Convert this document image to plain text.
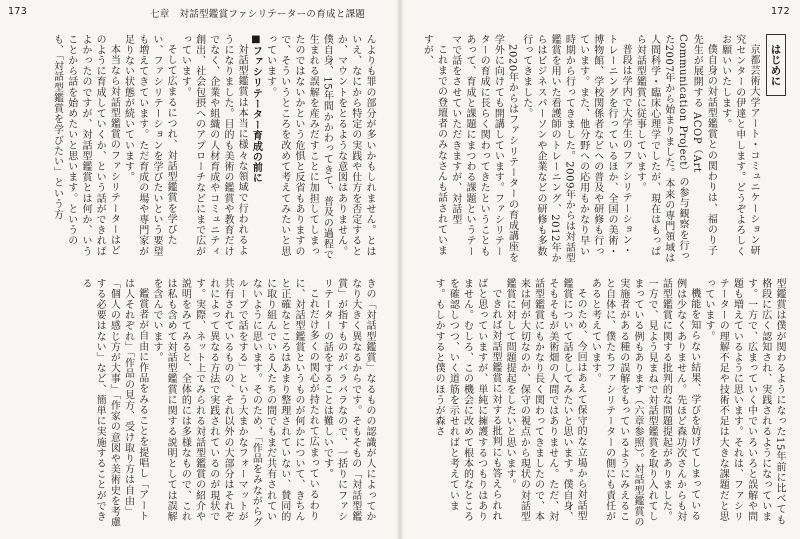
173	七章　対話型鑑賞ファシリテーターの育成と課題

んよりも罪の部分が多いかもしれません。とはいえ、なにから特定の実践や仕方を否定するとか、マウントをとるような意図はありません。僕自身、15年間かかわってきて、普及の過程で生まれる誤解を産みだすことに加担してしまったのではないかという危惧と反省もありますので、そういうところを改めて考えてみたいと思っています。

■ファシリテーター育成の前に

対話型鑑賞は本当に様々な領域で行われるようになりました。目的も美術の鑑賞や教育だけでなく、企業や組織の人材育成やコミュニティ創出、社会包摂へのアプローチなどにまで広がっています。

そして広まるにつれ、対話型鑑賞を学びたい、ファシリテーションを学びたいという要望も増えてきています。ただ育成の場や専門家が足りない状態が続いています。

本当なら対話型鑑賞のファシリテーターはどのように育成していくか、という話ができればよかったのですが、対話型鑑賞とは何か、いうことから話を始めたいと思います。というのも、「対話型鑑賞を学びたい」という方

きの「対話型鑑賞」なるものの認識が人によってかなり大きく異なるからです。そもそもの「対話型鑑賞」が指すものがバラバラなので、一括りにファシリテーターの話をすることは難しいです。

これだけ多くの関心が持たれて広まっているわりに、対話型鑑賞というものが何かについて、きちんと正確なところはあまり整理されていない、賛同的に取り組んでいる人たちの間でもまだ共有されていないように思います。そのため、「作品をみながらグループで話をする」という大まかなフォーマットが共有されているものの、それ以外の大部分はそれぞれによって異なる方法で実践されているのが現状です。実際、ネット上でみられる対話型鑑賞の紹介や説明をみてみると、全体的には多様なもので、これは私も含めて対話型鑑賞に関する説明としては誤解を含んでいます。

鑑賞者が自由に作品をみることを提唱し「アートは人それぞれ」「作品の見方、受け取り方は自由」「個人の感じ方が大事」「作家の意図や美術史を考慮する必要はない」など、簡単に実施することができる

172
はじめに

京都芸術大学アート・コミュニケーション研究センターの伊達と申します。どうぞよろしくお願いいたします。

僕自身の対話型鑑賞との関わりは、福のり子先生が展開する ACOP（Art Communication Project）の参与観察を行った2007年から始まりました。本来の専門領域は人間科学・臨床心理学でしたが、現在はもっぱら対話型鑑賞に従事しています。

普段は学内で大学生のファシリテーション・トレーニングを行っているほか、全国の美術・博物館、学校関係者などへの普及や研修も行っています。また、他分野への応用もかなり早い時期から行ってきました。2009年からは対話型鑑賞を用いた看護師のトレーニング、2012年からはビジネスパーソンや企業などの研修も多数行ってきました。

2020年からはファシリテーターの育成講座を学外に向けても開講しています。ファシリテーターの育成に長らく関わってきたということもあって、育成と課題にまつわる課題というテーマで話をさせていただきますが、対話型

これまでの登壇者のみなさんも話されていますが、

型鑑賞は僕が関わるようになった15年前に比べても格段に広く認知され、実践されるようになっています。一方で、広まっていく中でいろいろと誤解や問題も増えているように思います。それは、ファシリテーターの理解不足や技術不足は大きな課題だと思っています。

機能を知らない結果、学びを妨げてしまっている例は少なくありません。先ほど森功次さんからも対話型鑑賞に関する批判的な問題提起がありました。一方で、見よう見まねで対話型鑑賞を取り入れてしまっている例もあります（六章参照）。対話型鑑賞の実施者がある種の誤解をもっているようにみえること自体に、僕たちファシリテーターの側にも責任があると考えています。

そのため、今回はあえて保守的な立場から対話型鑑賞について話をしてみたいと思います。僕自身、そもそもが美術畑の人間ではありません。ただ、対話型鑑賞にもかなり長く関わってきましたので、本来は何が大切なのか、保守の視点から現状の対話型鑑賞に対して問題提起をしたいと思います。

できれば対話型鑑賞に対する批判にも答えられればと思っていますが、単純に擁護するつもりはありません。むしろ、この機会に改めて根本的なところを確認しつつ、いく道筋を示せればと考えています。もしかすると僕のほうが森さ
